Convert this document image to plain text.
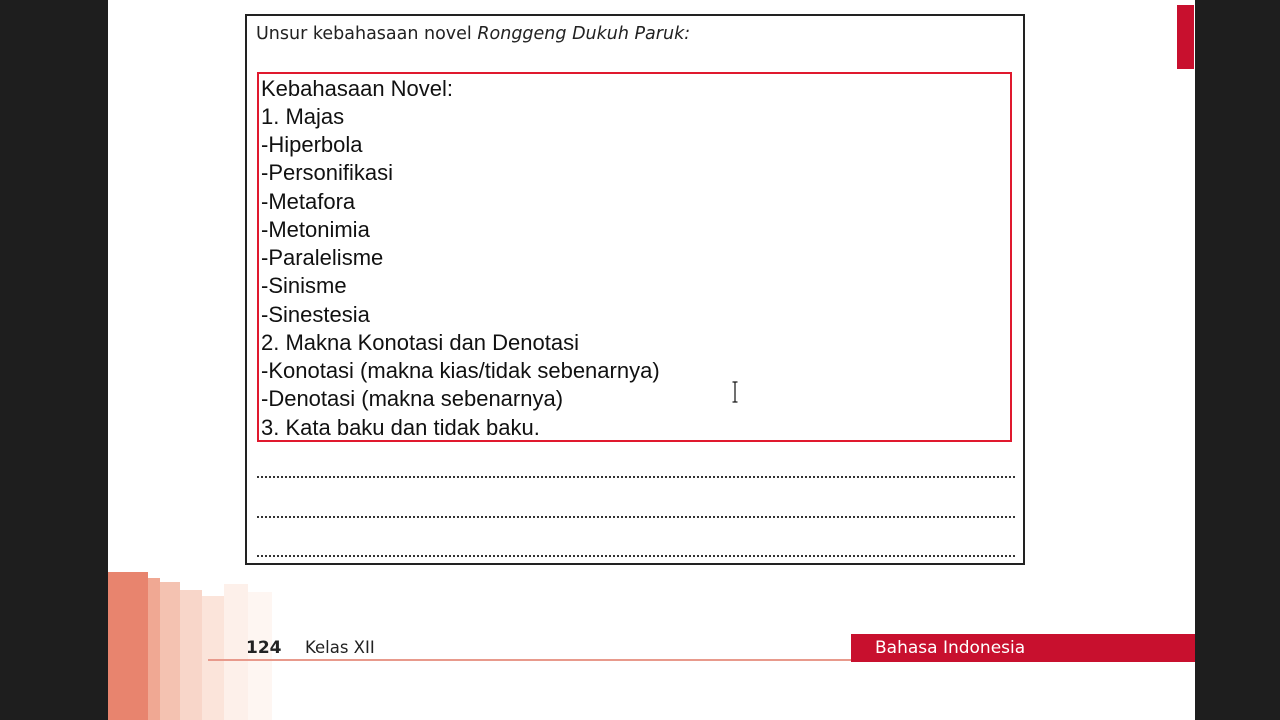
Unsur kebahasaan novel Ronggeng Dukuh Paruk:
Kebahasaan Novel:
1. Majas
-Hiperbola
-Personifikasi
-Metafora
-Metonimia
-Paralelisme
-Sinisme
-Sinestesia
2. Makna Konotasi dan Denotasi
-Konotasi (makna kias/tidak sebenarnya)
-Denotasi (makna sebenarnya)
3. Kata baku dan tidak baku.
124 Kelas XII	Bahasa Indonesia
